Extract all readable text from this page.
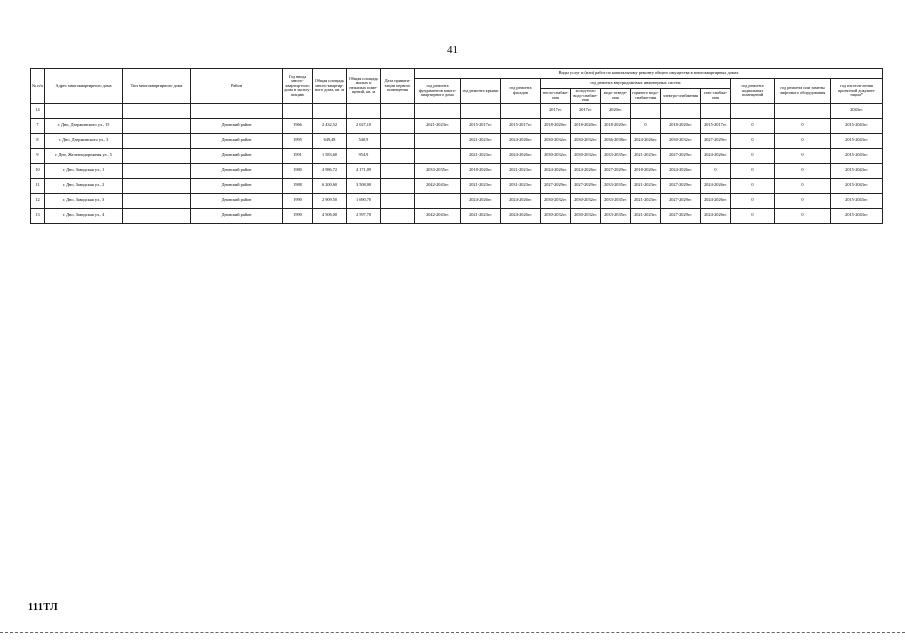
41
№ п/п	Адрес многоквартирного дома	Тип многоквартирного дома	Район	Год ввода много-квартир-ного дома в эксплу-атацию	Общая площадь много-квартир-ного дома, кв. м	Общая площадь жилых и нежилых поме-щений, кв. м	Дата привати-зации первого помещения	Виды услуг и (или) работ по капитальному ремонту общего имущества в многоквартирных домах											
								год ремонта фундаментов много-квартирного дома	год ремонта крыши	год ремонта фасадов	год ремонта внутридомовых инженерных систем						год ремонта подвальных помещений	год ремонта или замены лифтового оборудования	год изготов-ления проектной докумен-тации*
											тепло-снабже-ния	холод-ного водо-снабже-ния	водо-отведе-ния	горячего водо-снабже-ния	электро-снабжения	газо-снабже-ния			
14											2017гг.	2017гг.	2020гг.						2043гг.
7	г. Дно, Дзержинского ул., 15		Дновский район	1966	2 432,52	2 027,10		2021-2023гг.	2015-2017гг.	2015-2017гг.	2018-2020гг.	2018-2020гг.	2018-2020гг.	0	2018-2020гг.	2015-2017гг.	0	0	2015-2043гг.
8	г. Дно, Дзержинского ул., 3		Дновский район	1995	649,48	540,9			2021-2023гг.	2024-2026гг.	2030-2032гг.	2030-2032гг.	2036-2038гг.	2024-2026гг.	2030-2032гг.	2027-2029гг.	0	0	2015-2043гг.
9	г. Дно, Железнодорожная ул., 5		Дновский район	1991	1 583,60	954,9			2021-2023гг.	2024-2026гг.	2030-2032гг.	2030-2032гг.	2033-2035гг.	2021-2023гг.	2027-2029гг.	2024-2026гг.	0	0	2015-2043гг.
10	г. Дно, Заводская ул., 1		Дновский район	1980	4 986,72	4 171,09		2033-2035гг.	2018-2020гг.	2021-2023гг.	2024-2026гг.	2024-2026гг.	2027-2029гг.	2018-2020гг.	2024-2026гг.	0	0	0	2015-2043гг.
11	г. Дно, Заводская ул., 2		Дновский район	1988	6 200,60	3 508,00		2042-2043гг.	2021-2023гг.	2031-2023гг.	2027-2029гг.	2027-2029гг.	2033-2035гг.	2021-2023гг.	2027-2029гг.	2024-2026гг.	0	0	2015-2043гг.
12	г. Дно, Заводская ул., 3		Дновский район	1990	2 909,50	1 690,70			2024-2026гг.	2024-2026гг.	2030-2032гг.	2030-2032гг.	2033-2035гг.	2021-2023гг.	2027-2029гг.	2024-2026гг.	0	0	2015-2043гг.
13	г. Дно, Заводская ул., 4		Дновский район	1990	4 506,00	2 597,70		2042-2043гг.	2021-2023гг.	2024-2026гг.	2030-2032гг.	2030-2032гг.	2033-2035гг.	2021-2023гг.	2027-2029гг.	2024-2026гг.	0	0	2015-2043гг.
111ТЛ
